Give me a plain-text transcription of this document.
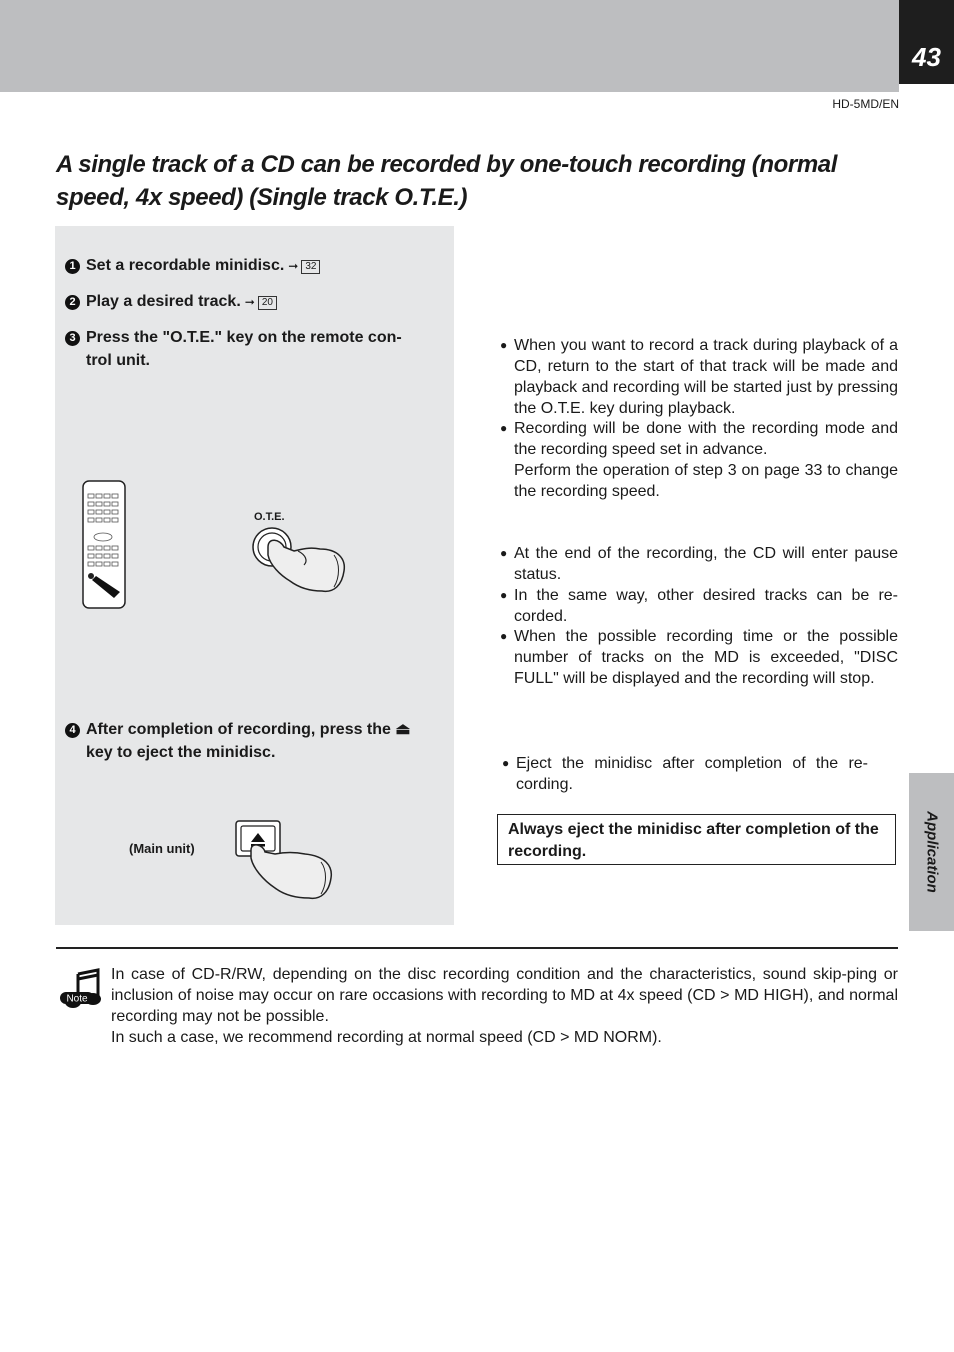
43
HD-5MD/EN
A single track of a CD can be recorded by one-touch recording (normal speed, 4x speed) (Single track O.T.E.)
1 Set a recordable minidisc. ➞ 32
2 Play a desired track. ➞ 20
3 Press the "O.T.E." key on the remote con-
trol unit.
O.T.E.
4 After completion of recording, press the ⏏
key to eject the minidisc.
(Main unit)
● When you want to record a track during playback of a CD, return to the start of that track will be made and playback and recording will be started just by pressing the O.T.E. key during playback.
● Recording will be done with the recording mode and the recording speed set in advance.
Perform the operation of step 3 on page 33 to change the recording speed.
● At the end of the recording, the CD will enter pause status.
● In the same way, other desired tracks can be re-corded.
● When the possible recording time or the possible number of tracks on the MD is exceeded, "DISC FULL" will be displayed and the recording will stop.
● Eject the minidisc after completion of the re-cording.
Always eject the minidisc after completion of the recording.	Application
Note
In case of CD-R/RW, depending on the disc recording condition and the characteristics, sound skip-ping or inclusion of noise may occur on rare occasions with recording to MD at 4x speed (CD > MD HIGH), and normal recording may not be possible.
In such a case, we recommend recording at normal speed (CD > MD NORM).
